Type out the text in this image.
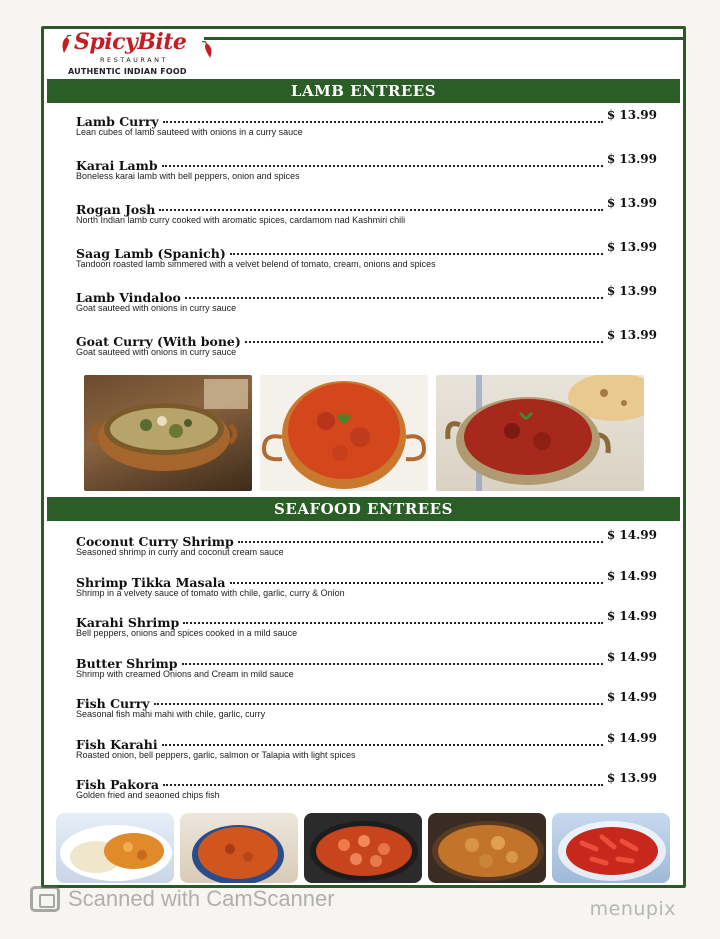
SpicyBite
RESTAURANT
AUTHENTIC INDIAN FOOD
LAMB ENTREES
Lamb Curry	$ 13.99
Lean cubes of lamb sauteed with onions in a curry sauce
Karai Lamb	$ 13.99
Boneless karai lamb with bell peppers, onion and spices
Rogan Josh	$ 13.99
North Indian lamb curry cooked with aromatic spices, cardamom nad Kashmiri chili
Saag Lamb (Spanich)	$ 13.99
Tandoori roasted lamb simmered with a velvet belend of tomato, cream, onions and spices
Lamb Vindaloo	$ 13.99
Goat sauteed with onions in curry sauce
Goat Curry (With bone)	$ 13.99
Goat sauteed with onions in curry sauce
SEAFOOD ENTREES
Coconut Curry Shrimp	$ 14.99
Seasoned shrimp in curry and coconut cream sauce
Shrimp Tikka Masala	$ 14.99
Shrimp in a velvety sauce of tomato with chile, garlic, curry & Onion
Karahi Shrimp	$ 14.99
Bell peppers, onions and spices cooked in a mild sauce
Butter Shrimp	$ 14.99
Shrimp with creamed Onions and Cream in mild sauce
Fish Curry	$ 14.99
Seasonal fish mahi mahi with chile, garlic, curry
Fish Karahi	$ 14.99
Roasted onion, bell peppers, garlic, salmon or Talapia with light spices
Fish Pakora	$ 13.99
Golden fried and seaoned chips fish
Scanned with CamScanner	menupix
